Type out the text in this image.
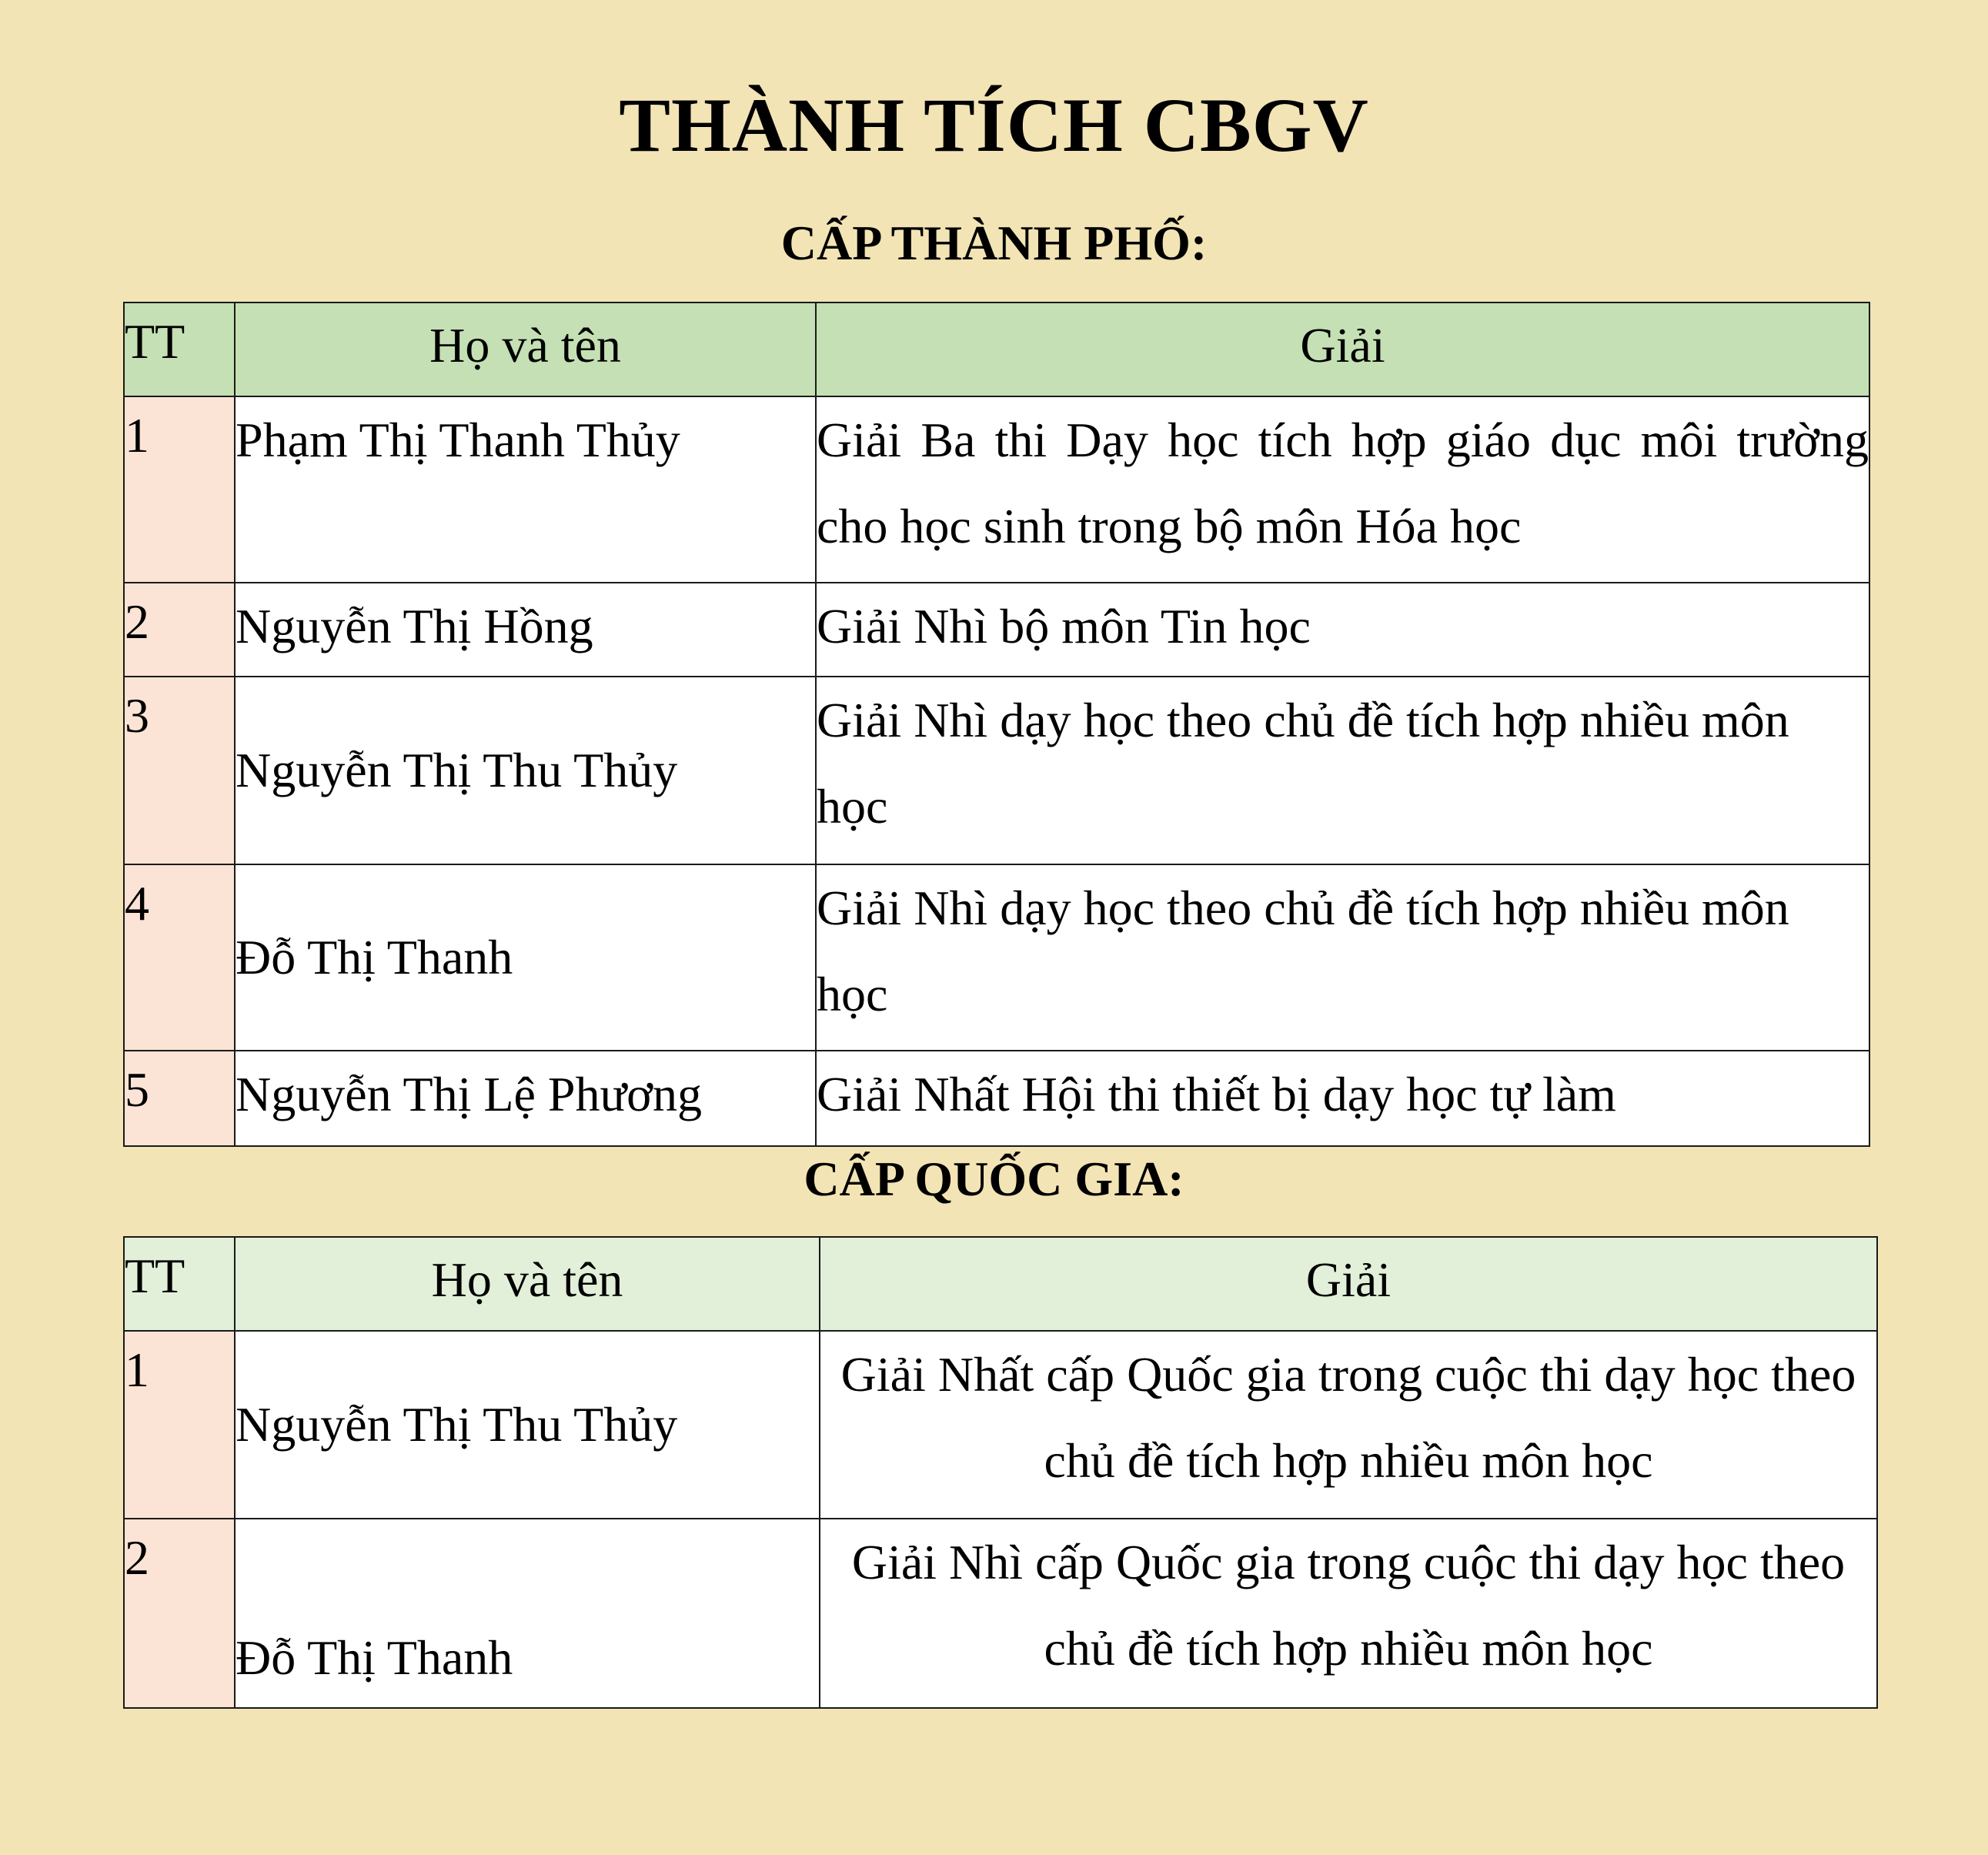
THÀNH TÍCH CBGV
CẤP THÀNH PHỐ:
TT	Họ và tên	Giải
1	Phạm Thị Thanh Thủy	Giải Ba thi Dạy học tích hợp giáo dục môi trường cho học sinh trong bộ môn Hóa học
2	Nguyễn Thị Hồng	Giải Nhì bộ môn Tin học
3	Nguyễn Thị Thu Thủy	Giải Nhì dạy học theo chủ đề tích hợp nhiều môn học
4	Đỗ Thị Thanh	Giải Nhì dạy học theo chủ đề tích hợp nhiều môn học
5	Nguyễn Thị Lệ Phương	Giải Nhất Hội thi thiết bị dạy học tự làm
CẤP QUỐC GIA:
TT	Họ và tên	Giải
1	Nguyễn Thị Thu Thủy	Giải Nhất cấp Quốc gia trong cuộc thi dạy học theo chủ đề tích hợp nhiều môn học
2	Đỗ Thị Thanh	Giải Nhì cấp Quốc gia trong cuộc thi dạy học theo chủ đề tích hợp nhiều môn học
